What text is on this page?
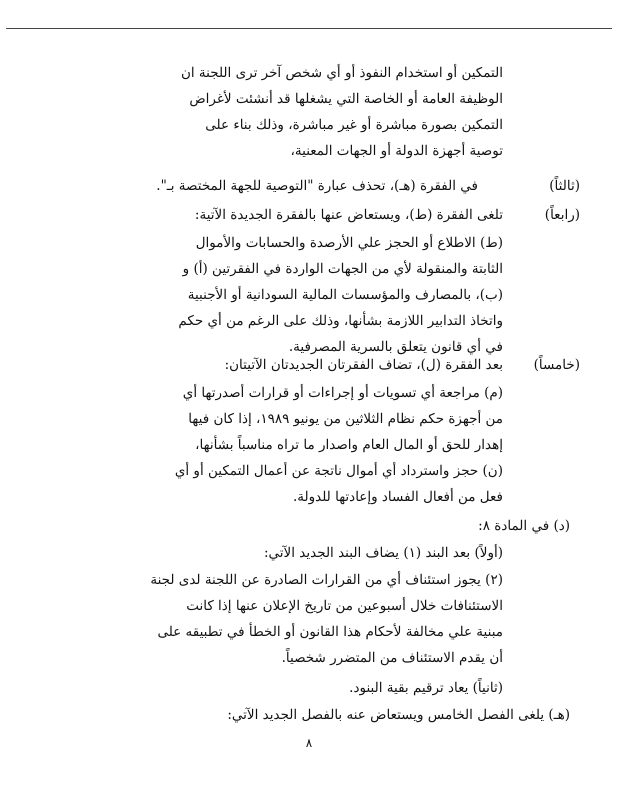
التمكين أو استخدام النفوذ أو أي شخص آخر ترى اللجنة ان
الوظيفة العامة أو الخاصة التي يشغلها قد أنشئت لأغراض
التمكين بصورة مباشرة أو غير مباشرة، وذلك بناء على
توصية أجهزة الدولة أو الجهات المعنية،
(ثالثاً)
في الفقرة (هـ)، تحذف عبارة "التوصية للجهة المختصة بـ".
(رابعاً)
تلغى الفقرة (ط)، ويستعاض عنها بالفقرة الجديدة الآتية:
(ط) الاطلاع أو الحجز علي الأرصدة والحسابات والأموال
الثابتة والمنقولة لأي من الجهات الواردة في الفقرتين (أ) و
(ب)، بالمصارف والمؤسسات المالية السودانية أو الأجنبية
واتخاذ التدابير اللازمة بشأنها، وذلك على الرغم من أي حكم
في أي قانون يتعلق بالسرية المصرفية.
(خامساً)
بعد الفقرة (ل)، تضاف الفقرتان الجديدتان الآتيتان:
(م) مراجعة أي تسويات أو إجراءات أو قرارات أصدرتها أي
من أجهزة حكم نظام الثلاثين من يونيو ١٩٨٩، إذا كان فيها
إهدار للحق أو المال العام واصدار ما تراه مناسباً بشأنها،
(ن) حجز واسترداد أي أموال ناتجة عن أعمال التمكين أو أي
فعل من أفعال الفساد وإعادتها للدولة.
(د) في المادة ٨:
(أولاً) بعد البند (١) يضاف البند الجديد الآتي:
(٢) يجوز استئناف أي من القرارات الصادرة عن اللجنة لدى لجنة
الاستئنافات خلال أسبوعين من تاريخ الإعلان عنها إذا كانت
مبنية علي مخالفة لأحكام هذا القانون أو الخطأ في تطبيقه على
أن يقدم الاستئناف من المتضرر شخصياً.
(ثانياً) يعاد ترقيم بقية البنود.
(هـ) يلغى الفصل الخامس ويستعاض عنه بالفصل الجديد الآتي:
٨
